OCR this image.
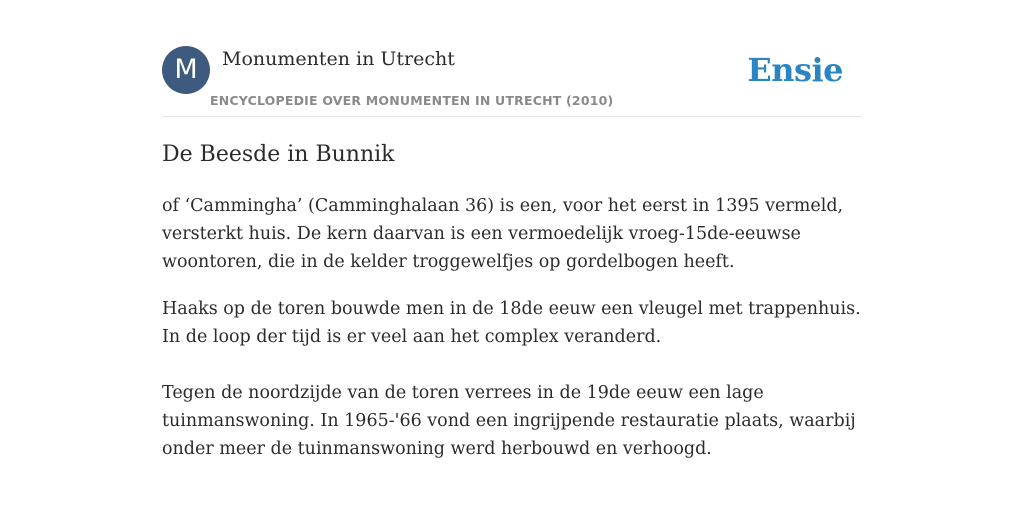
M	Monumenten in Utrecht
ENCYCLOPEDIE OVER MONUMENTEN IN UTRECHT (2010)
Ensie
De Beesde in Bunnik

of ‘Cammingha’ (Camminghalaan 36) is een, voor het eerst in 1395 vermeld, versterkt huis. De kern daarvan is een vermoedelijk vroeg-15de-eeuwse woontoren, die in de kelder troggewelfjes op gordelbogen heeft.

Haaks op de toren bouwde men in de 18de eeuw een vleugel met trappenhuis. In de loop der tijd is er veel aan het complex veranderd.

Tegen de noordzijde van de toren verrees in de 19de eeuw een lage tuinmanswoning. In 1965-'66 vond een ingrijpende restauratie plaats, waarbij onder meer de tuinmanswoning werd herbouwd en verhoogd.
